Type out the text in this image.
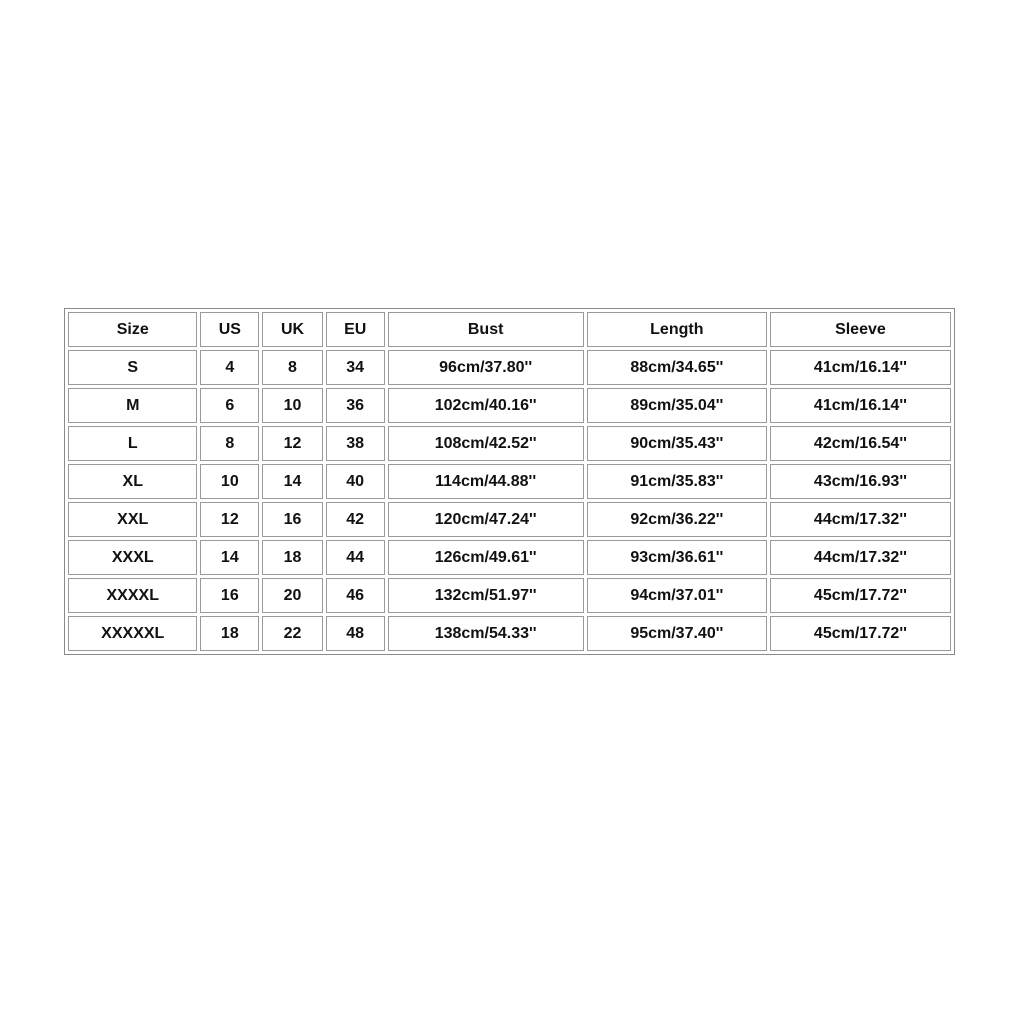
Size	US	UK	EU	Bust	Length	Sleeve
S	4	8	34	96cm/37.80''	88cm/34.65''	41cm/16.14''
M	6	10	36	102cm/40.16''	89cm/35.04''	41cm/16.14''
L	8	12	38	108cm/42.52''	90cm/35.43''	42cm/16.54''
XL	10	14	40	114cm/44.88''	91cm/35.83''	43cm/16.93''
XXL	12	16	42	120cm/47.24''	92cm/36.22''	44cm/17.32''
XXXL	14	18	44	126cm/49.61''	93cm/36.61''	44cm/17.32''
XXXXL	16	20	46	132cm/51.97''	94cm/37.01''	45cm/17.72''
XXXXXL	18	22	48	138cm/54.33''	95cm/37.40''	45cm/17.72''
